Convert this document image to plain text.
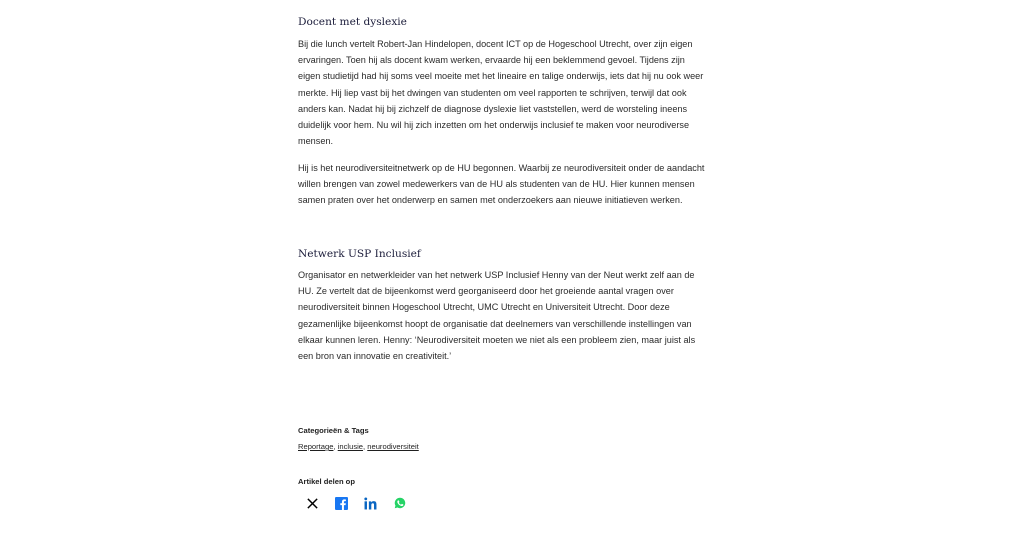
Docent met dyslexie

Bij die lunch vertelt Robert-Jan Hindelopen, docent ICT op de Hogeschool Utrecht, over zijn eigen ervaringen. Toen hij als docent kwam werken, ervaarde hij een beklemmend gevoel. Tijdens zijn eigen studietijd had hij soms veel moeite met het lineaire en talige onderwijs, iets dat hij nu ook weer merkte. Hij liep vast bij het dwingen van studenten om veel rapporten te schrijven, terwijl dat ook anders kan. Nadat hij bij zichzelf de diagnose dyslexie liet vaststellen, werd de worsteling ineens duidelijk voor hem. Nu wil hij zich inzetten om het onderwijs inclusief te maken voor neurodiverse mensen.

Hij is het neurodiversiteitnetwerk op de HU begonnen. Waarbij ze neurodiversiteit onder de aandacht willen brengen van zowel medewerkers van de HU als studenten van de HU. Hier kunnen mensen samen praten over het onderwerp en samen met onderzoekers aan nieuwe initiatieven werken.

Netwerk USP Inclusief

Organisator en netwerkleider van het netwerk USP Inclusief Henny van der Neut werkt zelf aan de HU. Ze vertelt dat de bijeenkomst werd georganiseerd door het groeiende aantal vragen over neurodiversiteit binnen Hogeschool Utrecht, UMC Utrecht en Universiteit Utrecht. Door deze gezamenlijke bijeenkomst hoopt de organisatie dat deelnemers van verschillende instellingen van elkaar kunnen leren. Henny: ‘Neurodiversiteit moeten we niet als een probleem zien, maar juist als een bron van innovatie en creativiteit.’

Categorieën & Tags
Reportage, inclusie, neurodiversiteit
Artikel delen op
